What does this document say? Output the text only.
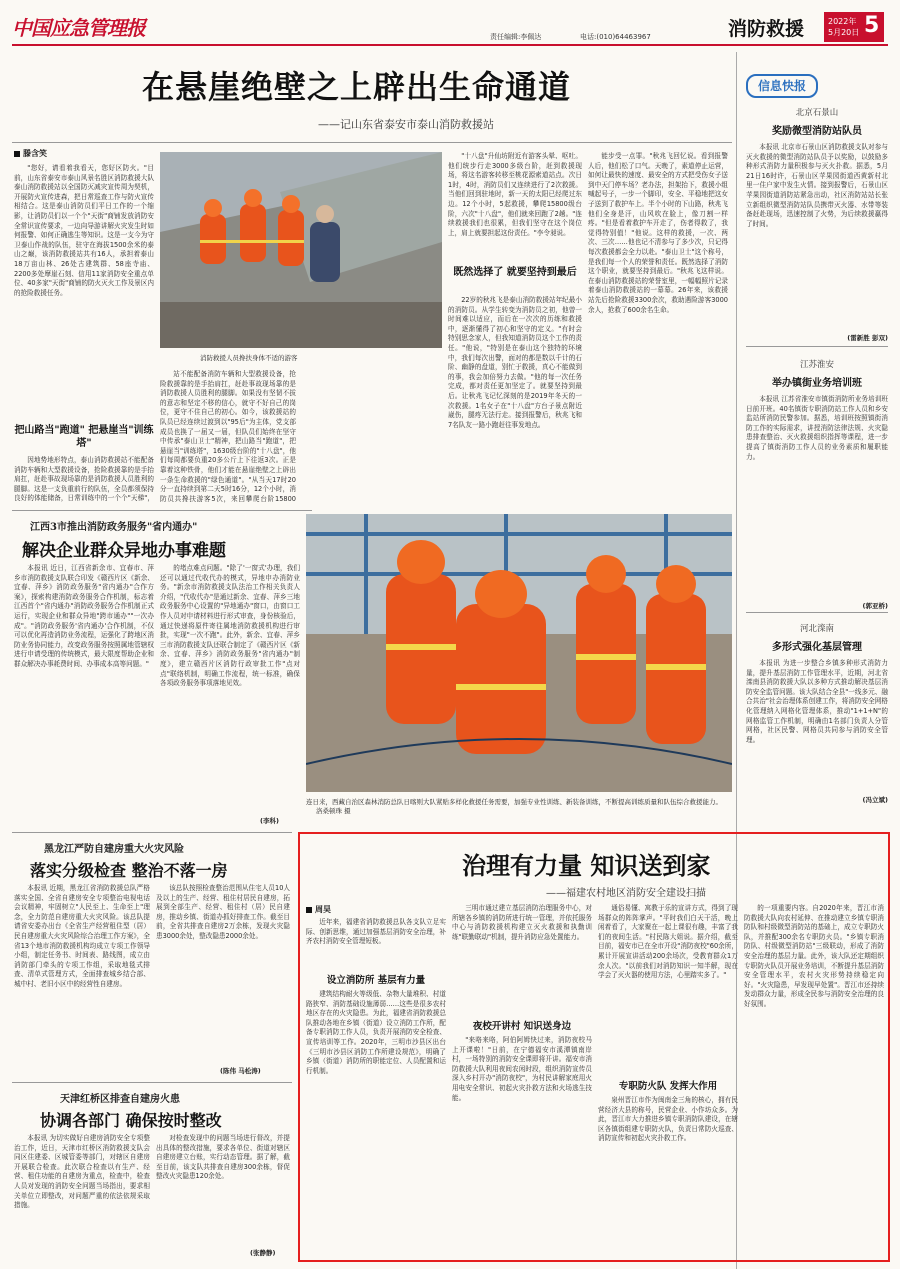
中国应急管理报	责任编辑:李佩达	电话:(010)64463967	消防救援	2022年
5月20日 5
在悬崖绝壁之上辟出生命通道
——记山东省泰安市泰山消防救援站
滕含笑
消防救援人员搀扶身体不适的游客

"您好，请看着我看天，您好区防火。"目前，山东省泰安市泰山风景名胜区消防救援大队泰山消防救援站以全国防灭减灾宣传周为契机，开展防火宣传进森，把日常巡查工作与防火宣传相结合。这是泰山消防员们平日工作的一个缩影，让消防员们以一个个"天街"商铺发放消防安全常识宣传要求，一边向导游讲解火灾发生时如何报警、如何正确逃生等知识。这是一支今为守卫泰山作战的队伍，驻守在海拔1500余米的泰山之巅，该消防救援站共有16人，承担着泰山18万亩山林、26处古建筑群、58座寺庙、2200多处摩崖石刻、信用11家消防安全重点单位、40多家"天街"商铺的防火灭火工作及景区内的抢险救援任务。

把山路当"跑道" 把悬崖当"训练塔"

因地势地形特点，泰山消防救援站不能配备消防车辆和大型救援设备，抢险救援靠的是手抬肩扛，赶赴事故现场靠的是消防救援人员胜利的腿脚。这是一支负重前行的队伍，全员都须保持良好的体能储备，日常训练中的一个个"天梯"，

站不能配备消防车辆和大型救援设备，抢险救援靠的是手抬肩扛，赶赴事故现场靠的是消防救援人员胜利的腿脚。如果没有坚韧不拔的意志和坚定不移的信心，就守不好自己的岗位，更守不住自己的初心。如今，该救援站的队员已经连续过渡到以"95后"为主体，党支部成员也换了一届又一届，但队员们始终在坚守中传承"泰山卫士"精神，把山路当"跑道"，把悬崖当"训练塔"，1630级台阶的"十八盘"，他们每周都要负重20多公斤上下往返3次。正是靠着这种铁骨，他们才能在悬崖绝壁之上辟出一条生命救援的"绿色通道"。"从当天17时20分一直持续到第二天5时16分，12个小时，消防员共搀扶游客5次，来回攀爬台阶15800

"十八盘"升仙坊附近有游客头晕、呕吐。他们统步行走3000多级台阶，赶到救援现场，将这名游客转移至桃花源索道站点。次日1时，4时，消防员们又连续进行了2次救援。当他们回到驻地时，新一天的太阳已经爬过东边。12个小时，5起救援，攀爬15800级台阶，六次"十八盘"，他们就来回跑了2趟。"连续救援我们也很累，但我们坚守在这个岗位上，肩上就要担起这份责任。"李令昶说。

既然选择了 就要坚持到最后

22岁的秋兆飞是泰山消防救援站年纪最小的消防员。从学生转变为消防员之初，他曾一时间难以适应，而后在一次次的历练和救援中，逐渐懂得了初心和坚守的定义。"有时会特别思念家人，但我知道消防员这个工作的责任。"他说，"特别是在泰山这个独特的环境中，我们每次出警，面对的都是数以千计的石阶、幽静的盘道，别忙于救援，真心不能做到的事，我会加倍努力去做。"他的每一次任务完成，都对责任更加坚定了。就要坚持到最后。让秋兆飞记忆深刻的是2019年冬天的一次救援。1名女子在"十八盘"方台子景点附近崴伤，腿疼无法行走。接到报警后，秋兆飞和7名队友一路小跑赶往事发地点。

能步受一点罪。"秋兆飞回忆说。看到报警人后，他们松了口气。天晚了，素道停止运营，如何让最快的速度、最安全的方式把受伤女子送到中天门停车场？老办法，担架抬下，救援小组喊起号子，一步一个脚印，安全、平稳地把这女子送到了救护车上。半个小时的下山路，秋兆飞他们全身是汗，山风吹在脸上，像刀割一样疼。"但是看着救护车开走了，伤者得救了，我觉得特别值！"他说。这样的救援，一次、两次、三次……他也记不清参与了多少次，只记得每次救援都会全力以赴。"泰山卫士"这个称号，是我们每一个人的荣誉和责任。既然选择了消防这个职业，就要坚持到最后。"秋兆飞这样说。在泰山消防救援站的荣誉室里，一幅幅照片记录着泰山消防救援站的一幕幕。26年来，该救援站先后抢险救援3300余次，救助遇险游客3000余人，抢救了600余名生命。

信息快报
北京石景山
奖励微型消防站队员

本报讯 北京市石景山区消防救援支队对参与灭火救援的微型消防站队员予以奖励，以鼓励多种形式消防力量积极参与灭火扑救。据悉，5月21日16时许，石景山区苹果园街道西黄新村北里一住户家中发生火情。接到报警后，石景山区苹果园街道消防站紧急出动，社区消防站站长张立新组织微型消防站队员携带灭火器、水带等装备赶赴现场，迅速控制了火势，为后续救援赢得了时间。

(雷新胜 彭双)
江苏淮安
举办镇街业务培训班

本报讯 江苏省淮安市镇街消防所业务培训班日前开班。40名镇街专职消防站工作人员和乡安监站所消防民警参加。据悉，培训班按照镇街消防工作的实际需求，讲授消防法律法规、火灾隐患排查整治、灭火救援组织指挥等课程，进一步提高了镇街消防工作人员的业务素质和履职能力。

(郭亚桥)
河北滦南
多形式强化基层管理

本报讯 为进一步整合乡镇多种形式消防力量，提升基层消防工作管理水平，近期，河北省滦南县消防救援大队以多种方式推动解决基层消防安全监管问题。该大队结合全县"一线多元、融合共治"社会治理体系创建工作，将消防安全网格化管理纳入网格化管理体系，推动"1+1+N"的网格监管工作机制，明确由1名部门负责人分管网格，社区民警、网格员共同参与消防安全管理。

(冯立斌)
江西3市推出消防政务服务"省内通办"
解决企业群众异地办事难题

本报讯 近日，江西省新余市、宜春市、萍乡市消防救援支队联合印发《赣西片区《新余、宜春、萍乡》消防政务服务"省内通办"合作方案》，探索构建消防政务服务合作机制，标志着江西首个"省内通办"消防政务服务合作机制正式运行，实现企业和群众异地"跨市通办""一次办成"。"消防政务服务'省内通办'合作机制，不仅可以优化再造消防业务流程，运强化了跨地区消防业务协同能力，改变政务服务按照属地管辖权进行申请受理的传统模式，最大限度帮助企业和群众解决办事耗费时间、办事成本高等问题。"

的堵点难点问题。"除了'一窗式'办理，我们还可以通过代收代办的模式，异地申办消防业务。"新余市消防救援支队法治工作相关负责人介绍，"代收代办"是通过新余、宜春、萍乡三地政务服务中心设置的"异地通办"窗口，由窗口工作人员对申请材料进行形式审查，身份核验后，通过快递将原件寄往属地消防救援机构进行审批，实现"一次不跑"。此外，新余、宜春、萍乡三市消防救援支队还联合制定了《赣西片区《新余、宜春、萍乡》消防政务服务"省内通办"制度》，建立赣西片区消防行政审批工作"点对点"联络机制，明确工作流程，统一标准，确保各项政务服务事项落地见效。

(李科)
连日来，西藏自治区森林消防总队日喀则大队紧贴多样化救援任务需要，加强专业性训练、新装备训练，不断提高训练质量和队伍综合救援能力。 洛桑顿珠 摄
黑龙江严防自建房重大火灾风险
落实分级检查 整治不落一房

本报讯 近期，黑龙江省消防救援总队严格落实全国、全省自建房安全专项整治电视电话会议精神，牢固树立"人民至上、生命至上"理念，全力防范自建房重大火灾风险。该总队提请省安委办出台《全省生产经营租住型（居）民自建房重大火灾风险综合治理工作方案》，全省13个地市消防救援机构均成立专项工作领导小组，制定任务书、时间表、路线图，成立由消防部门牵头的专项工作组，采取地毯式排查、清单式管理方式，全面排查城乡结合部、城中村、老旧小区中的经营性自建房。

该总队按照检查整治范围从住宅人员10人及以上的生产、经营、租住村居民自建房，拓展到全部生产、经营、租住村（居）民自建房，推动乡镇、街道办抓好排查工作。截至目前，全省共排查自建房2万余栋，发现火灾隐患3000余处，整改隐患2000余处。

(陈伟 马松涛)
天津红桥区排查自建房火患
协调各部门 确保按时整改

本报讯 为切实做好自建房消防安全专项整治工作，近日，天津市红桥区消防救援支队会同区住建委、区城管委等部门，对辖区自建房开展联合检查。此次联合检查以有生产、经营、租住功能的自建房为重点，检查中，检查人员对发现的消防安全问题当场指出，要求相关单位立即整改，对问题严重的依法依规采取措施。

对检查发现中的问题当场进行督改，并提出具体的整改措施，要求各单位、街道对辖区自建房建立台账，实行动态管理。据了解，截至目前，该支队共排查自建房300余栋，督促整改火灾隐患120余处。

(张静静)
治理有力量 知识送到家
——福建农村地区消防安全建设扫描
周昊

近年来，福建省消防救援总队各支队立足实际、创新思维，通过加强基层消防安全治理，补齐农村消防安全管理短板。

设立消防所 基层有力量

建筑结构耐火等级低、杂物大量堆积、村道路狭窄、消防基础设施薄弱……这些是很多农村地区存在的火灾隐患。为此，福建省消防救援总队推动各地在乡镇（街道）设立消防工作所，配备专职消防工作人员，负责开展消防安全检查、宣传培训等工作。2020年，三明市沙县区出台《三明市沙县区消防工作所建设规范》，明确了乡镇（街道）消防所的职能定位、人员配置和运行机制。

三明市通过建立基层消防治理服务中心，对所辖各乡镇的消防所进行统一管理，并依托服务中心与消防救援机构建立灭火救援和执勤训练"联勤联动"机制，提升消防应急处置能力。

夜校开讲村 知识送身边

"来咯来咯，阿伯阿姆快过来，消防夜校马上开课啦！"日前，在宁德福安市溪潭镇南岸村，一场特别的消防安全课即将开讲。福安市消防救援大队利用夜间农闲时段，组织消防宣传员深入乡村开办"消防夜校"，为村民讲解家庭用火用电安全常识、初起火灾扑救方法和火场逃生技能。

通俗易懂、寓教于乐的宣讲方式，得到了现场群众的阵阵掌声。"平时我们白天干活，晚上闲着看了，大家聚在一起上课很有趣，丰富了我们的夜间生活。"村民陈大姐说。据介绍，截至目前，福安市已在全市开设"消防夜校"60余所，累计开展宣讲活动200余场次，受教育群众1万余人次。"以前我们对消防知识一知半解，现在学会了灭火器的使用方法，心里踏实多了。"

专职防火队 发挥大作用

泉州晋江市作为闽南金三角的核心，拥有民营经济大县的称号，民营企业、小作坊众多。为此，晋江市大力推进乡镇专职消防队建设，在辖区各镇街组建专职防火队，负责日常防火巡查、消防宣传和初起火灾扑救工作。

的一项重要内容。自2020年来，晋江市消防救援大队向农村延伸、在推动建立乡镇专职消防队和村级微型消防站的基础上，成立专职防火队，并推配300余名专职防火员。"乡镇专职消防队、村级微型消防站"三级联动，形成了消防安全治理的基层力量。此外，该大队还定期组织专职防火队员开展业务培训，不断提升基层消防安全管理水平，农村火灾形势持续稳定向好。"火灾隐患，早发现早处置"。晋江市还持续发动群众力量，形成全民参与消防安全治理的良好氛围。
